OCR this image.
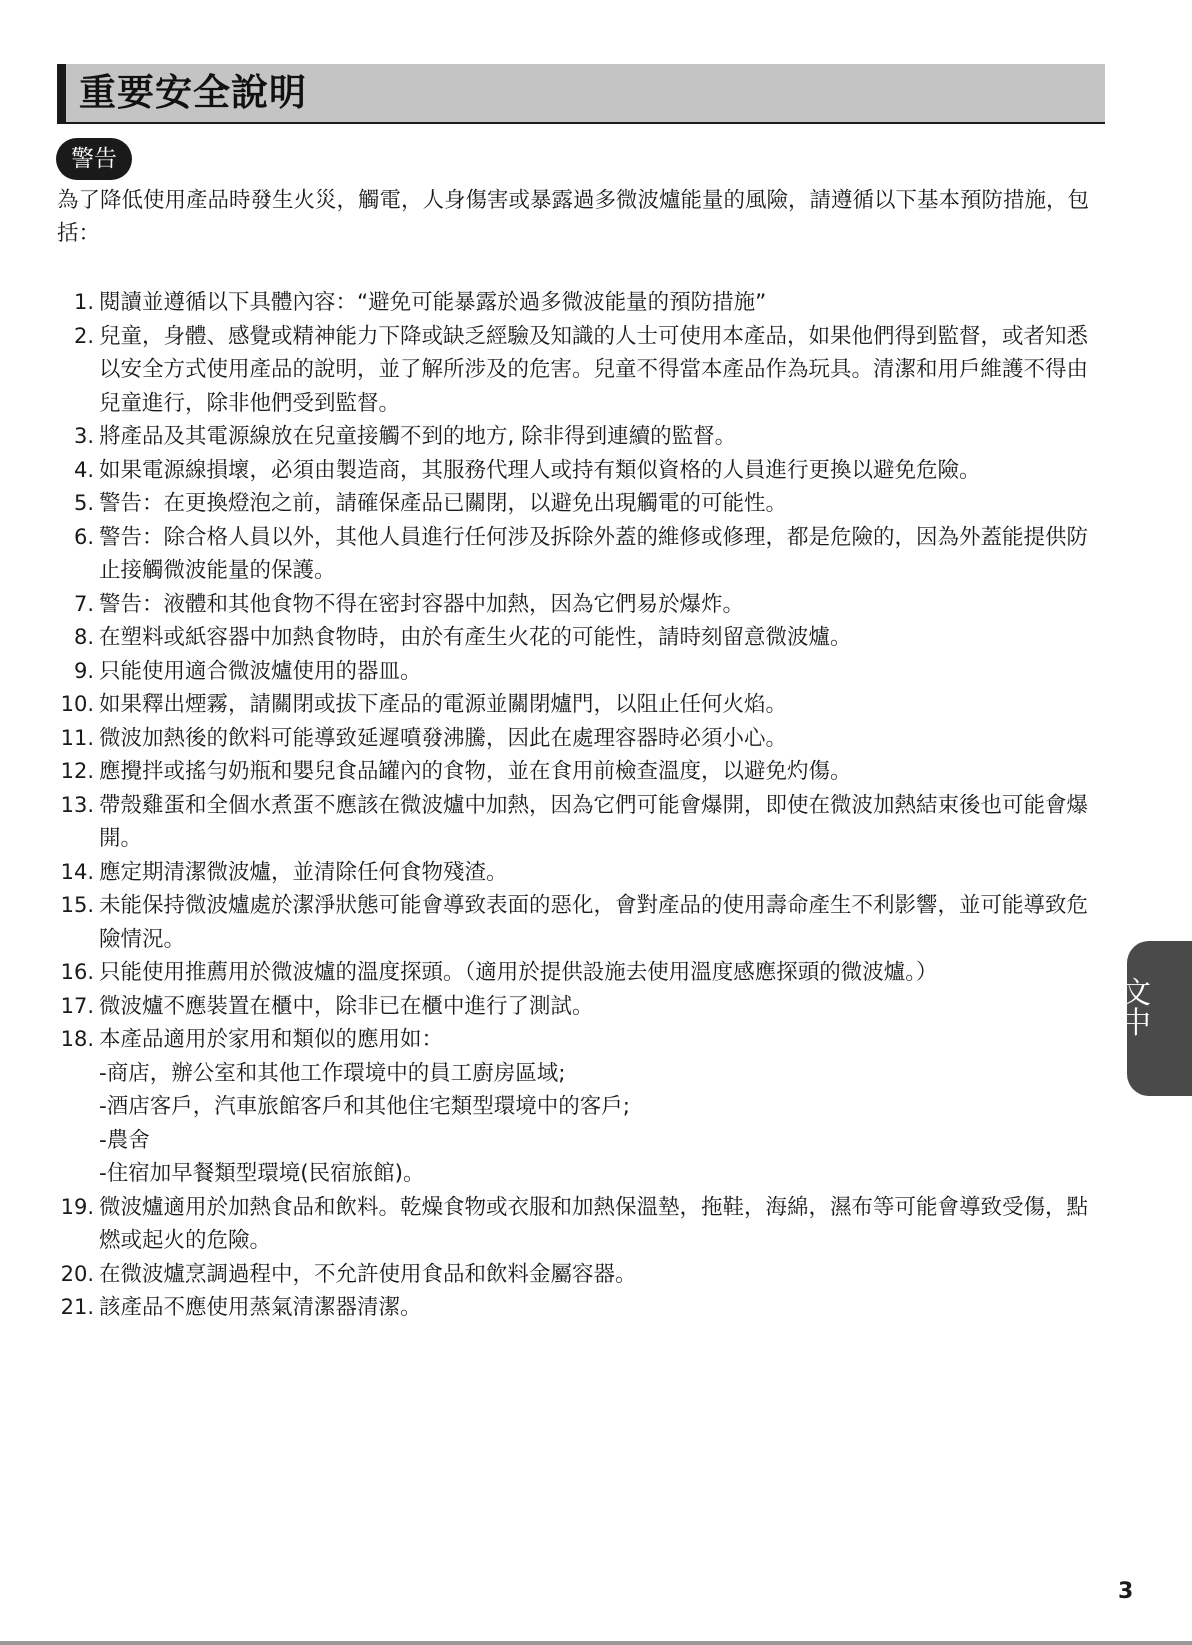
重要安全說明
警告
為了降低使用產品時發生火災，觸電，人身傷害或暴露過多微波爐能量的風險，請遵循以下基本預防措施，包括：
1. 閱讀並遵循以下具體內容：“避免可能暴露於過多微波能量的預防措施”
2. 兒童，身體、感覺或精神能力下降或缺乏經驗及知識的人士可使用本產品，如果他們得到監督，或者知悉以安全方式使用產品的說明，並了解所涉及的危害。兒童不得當本產品作為玩具。清潔和用戶維護不得由兒童進行，除非他們受到監督。
3. 將產品及其電源線放在兒童接觸不到的地方, 除非得到連續的監督。
4. 如果電源線損壞，必須由製造商，其服務代理人或持有類似資格的人員進行更換以避免危險。
5. 警告：在更換燈泡之前，請確保產品已關閉，以避免出現觸電的可能性。
6. 警告：除合格人員以外，其他人員進行任何涉及拆除外蓋的維修或修理，都是危險的，因為外蓋能提供防止接觸微波能量的保護。
7. 警告：液體和其他食物不得在密封容器中加熱，因為它們易於爆炸。
8. 在塑料或紙容器中加熱食物時，由於有產生火花的可能性，請時刻留意微波爐。
9. 只能使用適合微波爐使用的器皿。
10. 如果釋出煙霧，請關閉或拔下產品的電源並關閉爐門，以阻止任何火焰。
11. 微波加熱後的飲料可能導致延遲噴發沸騰，因此在處理容器時必須小心。
12. 應攪拌或搖勻奶瓶和嬰兒食品罐內的食物，並在食用前檢查溫度，以避免灼傷。
13. 帶殼雞蛋和全個水煮蛋不應該在微波爐中加熱，因為它們可能會爆開，即使在微波加熱結束後也可能會爆開。
14. 應定期清潔微波爐，並清除任何食物殘渣。
15. 未能保持微波爐處於潔淨狀態可能會導致表面的惡化，會對產品的使用壽命產生不利影響，並可能導致危險情況。
16. 只能使用推薦用於微波爐的溫度探頭。（適用於提供設施去使用溫度感應探頭的微波爐。）
17. 微波爐不應裝置在櫃中，除非已在櫃中進行了測試。
18. 本產品適用於家用和類似的應用如：
-商店，辦公室和其他工作環境中的員工廚房區域;
-酒店客戶，汽車旅館客戶和其他住宅類型環境中的客戶;
-農舍
-住宿加早餐類型環境(民宿旅館)。
19. 微波爐適用於加熱食品和飲料。乾燥食物或衣服和加熱保溫墊，拖鞋，海綿，濕布等可能會導致受傷，點燃或起火的危險。
20. 在微波爐烹調過程中，不允許使用食品和飲料金屬容器。
21. 該產品不應使用蒸氣清潔器清潔。
中文
3
